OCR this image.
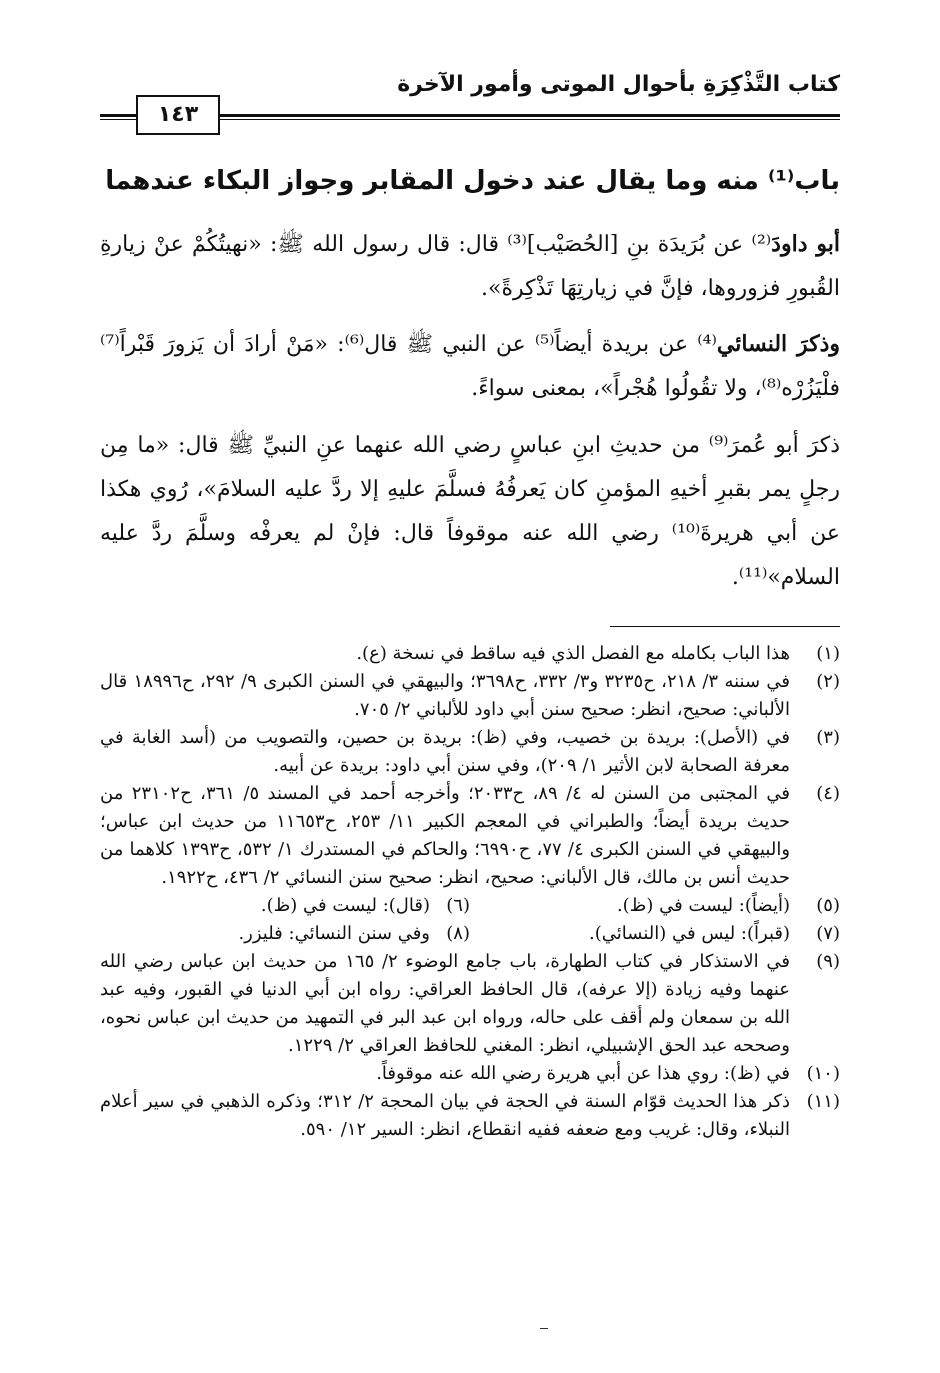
كتاب التَّذْكِرَةِ بأحوال الموتى وأمور الآخرة
١٤٣
باب⁽¹⁾ منه وما يقال عند دخول المقابر وجواز البكاء عندهما
أبو داودَ⁽²⁾ عن بُرَيدَة بنِ [الحُصَيْب]⁽³⁾ قال: قال رسول الله ﷺ: «نهيتُكُمْ عنْ زيارةِ القُبورِ فزوروها، فإنَّ في زيارتِهَا تَذْكِرةً».
وذكرَ النسائي⁽⁴⁾ عن بريدة أيضاً⁽⁵⁾ عن النبي ﷺ قال⁽⁶⁾: «مَنْ أرادَ أن يَزورَ قَبْراً⁽⁷⁾ فلْيَزُرْه⁽⁸⁾، ولا تقُولُوا هُجْراً»، بمعنى سواءً.
ذكرَ أبو عُمرَ⁽⁹⁾ من حديثِ ابنِ عباسٍ رضي الله عنهما عنِ النبيِّ ﷺ قال: «ما مِن رجلٍ يمر بقبرِ أخيهِ المؤمنِ كان يَعرفُهُ فسلَّمَ عليهِ إلا ردَّ عليه السلامَ»، رُوي هكذا عن أبي هريرةَ⁽¹⁰⁾ رضي الله عنه موقوفاً قال: فإنْ لم يعرفْه وسلَّمَ ردَّ عليه السلام»⁽¹¹⁾.
(١)
هذا الباب بكامله مع الفصل الذي فيه ساقط في نسخة (ع).
(٢)
في سننه ٣/ ٢١٨، ح٣٢٣٥ و٣/ ٣٣٢، ح٣٦٩٨؛ والبيهقي في السنن الكبرى ٩/ ٢٩٢، ح١٨٩٩٦ قال الألباني: صحيح، انظر: صحيح سنن أبي داود للألباني ٢/ ٧٠٥.
(٣)
في (الأصل): بريدة بن خصيب، وفي (ظ): بريدة بن حصين، والتصويب من (أسد الغابة في معرفة الصحابة لابن الأثير ١/ ٢٠٩)، وفي سنن أبي داود: بريدة عن أبيه.
(٤)
في المجتبى من السنن له ٤/ ٨٩، ح٢٠٣٣؛ وأخرجه أحمد في المسند ٥/ ٣٦١، ح٢٣١٠٢ من حديث بريدة أيضاً؛ والطبراني في المعجم الكبير ١١/ ٢٥٣، ح١١٦٥٣ من حديث ابن عباس؛ والبيهقي في السنن الكبرى ٤/ ٧٧، ح٦٩٩٠؛ والحاكم في المستدرك ١/ ٥٣٢، ح١٣٩٣ كلاهما من حديث أنس بن مالك، قال الألباني: صحيح، انظر: صحيح سنن النسائي ٢/ ٤٣٦، ح١٩٢٢.
(٥)
(أيضاً): ليست في (ظ).
(٦)
(قال): ليست في (ظ).
(٧)
(قبراً): ليس في (النسائي).
(٨)
وفي سنن النسائي: فليزر.
(٩)
في الاستذكار في كتاب الطهارة، باب جامع الوضوء ٢/ ١٦٥ من حديث ابن عباس رضي الله عنهما وفيه زيادة (إلا عرفه)، قال الحافظ العراقي: رواه ابن أبي الدنيا في القبور، وفيه عبد الله بن سمعان ولم أقف على حاله، ورواه ابن عبد البر في التمهيد من حديث ابن عباس نحوه، وصححه عبد الحق الإشبيلي، انظر: المغني للحافظ العراقي ٢/ ١٢٢٩.
(١٠)
في (ظ): روي هذا عن أبي هريرة رضي الله عنه موقوفاً.
(١١)
ذكر هذا الحديث قوّام السنة في الحجة في بيان المحجة ٢/ ٣١٢؛ وذكره الذهبي في سير أعلام النبلاء، وقال: غريب ومع ضعفه ففيه انقطاع، انظر: السير ١٢/ ٥٩٠.
